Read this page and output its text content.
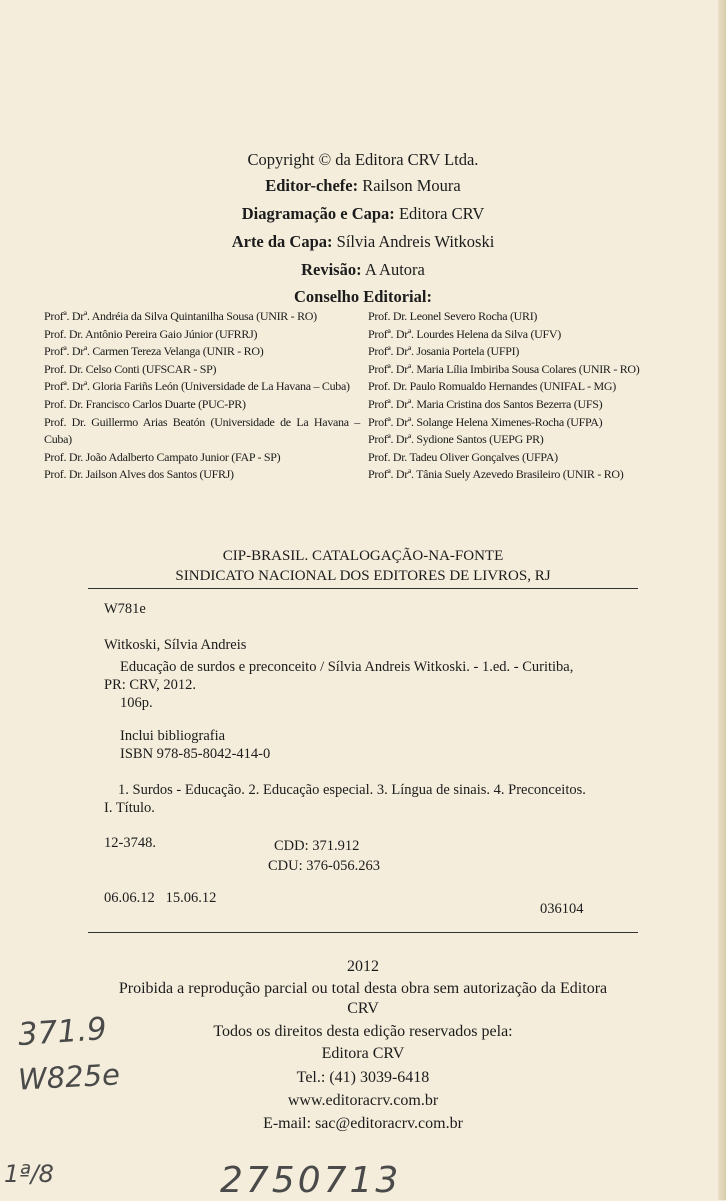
Copyright © da Editora CRV Ltda.
Editor-chefe: Railson Moura
Diagramação e Capa: Editora CRV
Arte da Capa: Sílvia Andreis Witkoski
Revisão: A Autora
Conselho Editorial:
Profª. Drª. Andréia da Silva Quintanilha Sousa (UNIR - RO)
Prof. Dr. Antônio Pereira Gaio Júnior (UFRRJ)
Profª. Drª. Carmen Tereza Velanga (UNIR - RO)
Prof. Dr. Celso Conti (UFSCAR - SP)
Profª. Drª. Gloria Fariñs León (Universidade de La Havana – Cuba)
Prof. Dr. Francisco Carlos Duarte (PUC-PR)
Prof. Dr. Guillermo Arias Beatón (Universidade de La Havana – Cuba)
Prof. Dr. João Adalberto Campato Junior (FAP - SP)
Prof. Dr. Jailson Alves dos Santos (UFRJ)
Prof. Dr. Leonel Severo Rocha (URI)
Profª. Drª. Lourdes Helena da Silva (UFV)
Profª. Drª. Josania Portela (UFPI)
Profª. Drª. Maria Lília Imbiriba Sousa Colares (UNIR - RO)
Prof. Dr. Paulo Romualdo Hernandes (UNIFAL - MG)
Profª. Drª. Maria Cristina dos Santos Bezerra (UFS)
Profª. Drª. Solange Helena Ximenes-Rocha (UFPA)
Profª. Drª. Sydione Santos (UEPG PR)
Prof. Dr. Tadeu Oliver Gonçalves (UFPA)
Profª. Drª. Tânia Suely Azevedo Brasileiro (UNIR - RO)
CIP-BRASIL. CATALOGAÇÃO-NA-FONTE
SINDICATO NACIONAL DOS EDITORES DE LIVROS, RJ
W781e
Witkoski, Sílvia Andreis
Educação de surdos e preconceito / Sílvia Andreis Witkoski. - 1.ed. - Curitiba,
PR: CRV, 2012.
106p.
Inclui bibliografia
ISBN 978-85-8042-414-0
1. Surdos - Educação. 2. Educação especial. 3. Língua de sinais. 4. Preconceitos.
I. Título.
12-3748.	CDD: 371.912
CDU: 376-056.263
06.06.12   15.06.12
036104
2012
Proibida a reprodução parcial ou total desta obra sem autorização da Editora
CRV
Todos os direitos desta edição reservados pela:
Editora CRV
Tel.: (41) 3039-6418
www.editoracrv.com.br
E-mail: sac@editoracrv.com.br
371.9
W825e
1ª/8	2750713
